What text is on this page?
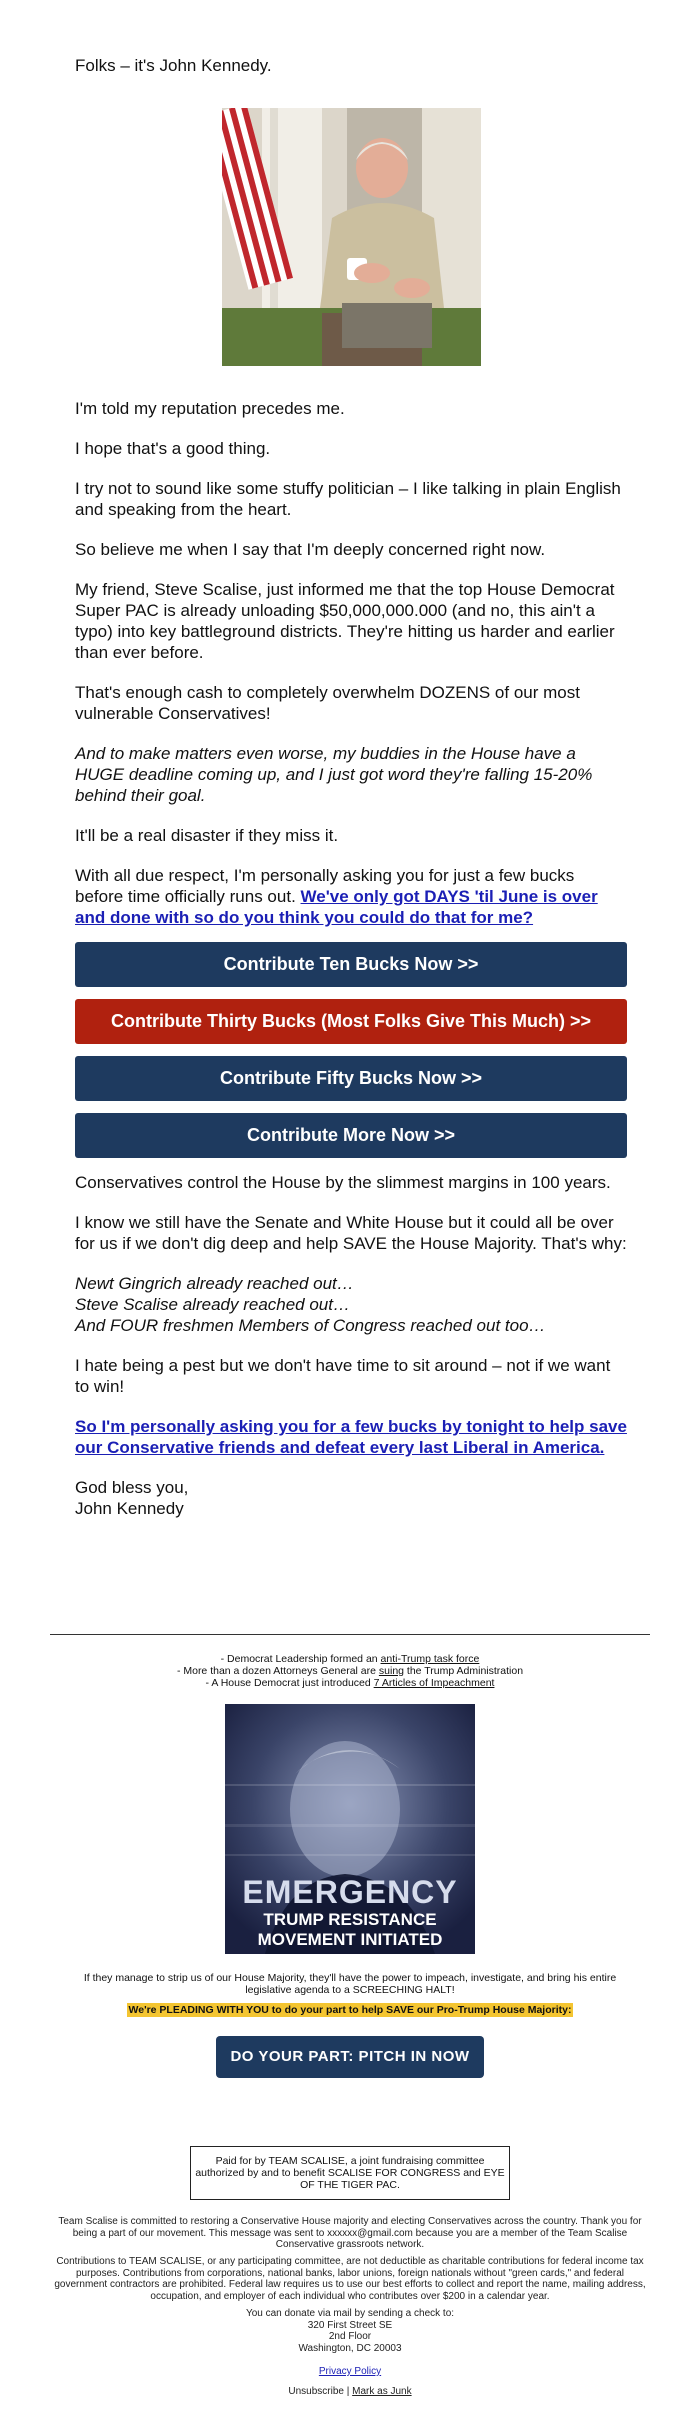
Folks – it's John Kennedy.

I'm told my reputation precedes me.

I hope that's a good thing.

I try not to sound like some stuffy politician – I like talking in plain English and speaking from the heart.

So believe me when I say that I'm deeply concerned right now.

My friend, Steve Scalise, just informed me that the top House Democrat Super PAC is already unloading $50,000,000.000 (and no, this ain't a typo) into key battleground districts. They're hitting us harder and earlier than ever before.

That's enough cash to completely overwhelm DOZENS of our most vulnerable Conservatives!

And to make matters even worse, my buddies in the House have a HUGE deadline coming up, and I just got word they're falling 15-20% behind their goal.

It'll be a real disaster if they miss it.

With all due respect, I'm personally asking you for just a few bucks before time officially runs out. We've only got DAYS 'til June is over and done with so do you think you could do that for me?

Contribute Ten Bucks Now >>
Contribute Thirty Bucks (Most Folks Give This Much) >>
Contribute Fifty Bucks Now >>
Contribute More Now >>

Conservatives control the House by the slimmest margins in 100 years.

I know we still have the Senate and White House but it could all be over for us if we don't dig deep and help SAVE the House Majority. That's why:

Newt Gingrich already reached out…
Steve Scalise already reached out…
And FOUR freshmen Members of Congress reached out too…

I hate being a pest but we don't have time to sit around – not if we want to win!

So I'm personally asking you for a few bucks by tonight to help save our Conservative friends and defeat every last Liberal in America.

God bless you,
John Kennedy

- Democrat Leadership formed an anti-Trump task force
- More than a dozen Attorneys General are suing the Trump Administration
- A House Democrat just introduced 7 Articles of Impeachment
EMERGENCY
TRUMP RESISTANCE
MOVEMENT INITIATED
If they manage to strip us of our House Majority, they'll have the power to impeach, investigate, and bring his entire legislative agenda to a SCREECHING HALT!
We're PLEADING WITH YOU to do your part to help SAVE our Pro-Trump House Majority:
DO YOUR PART: PITCH IN NOW
Paid for by TEAM SCALISE, a joint fundraising committee authorized by and to benefit SCALISE FOR CONGRESS and EYE OF THE TIGER PAC.
Team Scalise is committed to restoring a Conservative House majority and electing Conservatives across the country. Thank you for being a part of our movement. This message was sent to xxxxxx@gmail.com because you are a member of the Team Scalise Conservative grassroots network.
Contributions to TEAM SCALISE, or any participating committee, are not deductible as charitable contributions for federal income tax purposes. Contributions from corporations, national banks, labor unions, foreign nationals without "green cards," and federal government contractors are prohibited. Federal law requires us to use our best efforts to collect and report the name, mailing address, occupation, and employer of each individual who contributes over $200 in a calendar year.
You can donate via mail by sending a check to:
320 First Street SE
2nd Floor
Washington, DC 20003
Privacy Policy
Unsubscribe | Mark as Junk
